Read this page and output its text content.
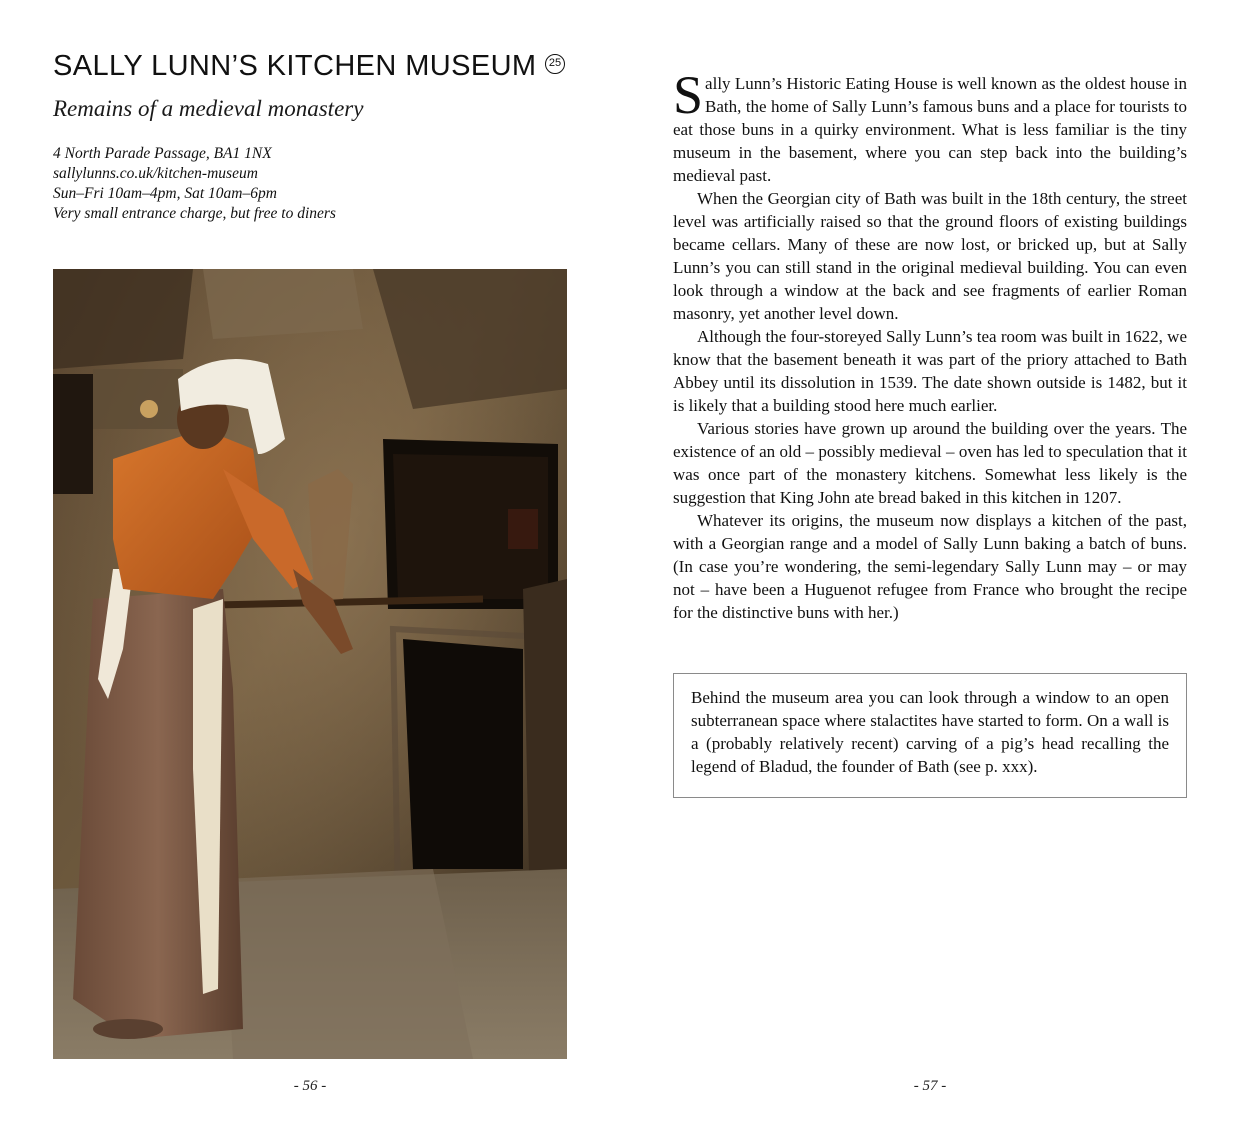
SALLY LUNN’S KITCHEN MUSEUM	25
Remains of a medieval monastery
4 North Parade Passage, BA1 1NX
sallylunns.co.uk/kitchen-museum
Sun–Fri 10am–4pm, Sat 10am–6pm
Very small entrance charge, but free to diners
- 56 -

Sally Lunn’s Historic Eating House is well known as the oldest house in Bath, the home of Sally Lunn’s famous buns and a place for tourists to eat those buns in a quirky environment. What is less familiar is the tiny museum in the basement, where you can step back into the building’s medieval past.

When the Georgian city of Bath was built in the 18th century, the street level was artificially raised so that the ground floors of existing buildings became cellars. Many of these are now lost, or bricked up, but at Sally Lunn’s you can still stand in the original medieval building. You can even look through a window at the back and see fragments of earlier Roman masonry, yet another level down.

Although the four-storeyed Sally Lunn’s tea room was built in 1622, we know that the basement beneath it was part of the priory attached to Bath Abbey until its dissolution in 1539. The date shown outside is 1482, but it is likely that a building stood here much earlier.

Various stories have grown up around the building over the years. The existence of an old – possibly medieval – oven has led to speculation that it was once part of the monastery kitchens. Somewhat less likely is the suggestion that King John ate bread baked in this kitchen in 1207.

Whatever its origins, the museum now displays a kitchen of the past, with a Georgian range and a model of Sally Lunn baking a batch of buns. (In case you’re wondering, the semi-legendary Sally Lunn may – or may not – have been a Huguenot refugee from France who brought the recipe for the distinctive buns with her.)

Behind the museum area you can look through a window to an open subterranean space where stalactites have started to form. On a wall is a (probably relatively recent) carving of a pig’s head recalling the legend of Bladud, the founder of Bath (see p. xxx).
- 57 -
